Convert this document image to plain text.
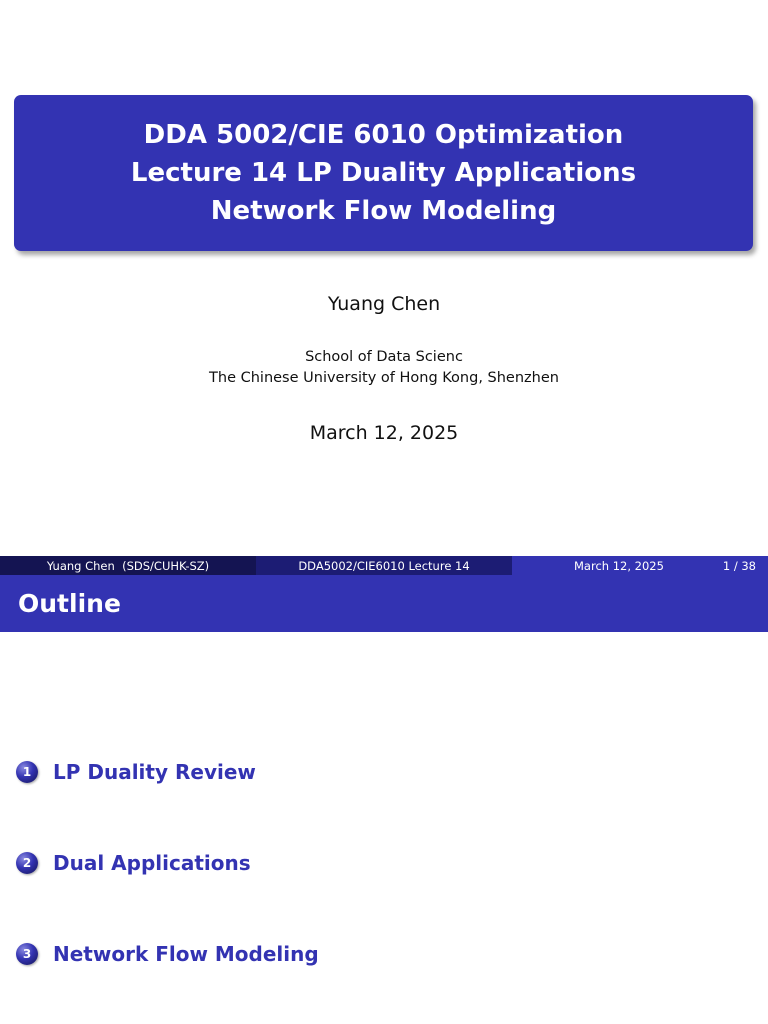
DDA 5002/CIE 6010 Optimization
Lecture 14 LP Duality Applications
Network Flow Modeling
Yuang Chen
School of Data Scienc
The Chinese University of Hong Kong, Shenzhen
March 12, 2025
Yuang Chen  (SDS/CUHK-SZ)	DDA5002/CIE6010 Lecture 14	March 12, 2025	1 / 38
Outline
1	LP Duality Review
2	Dual Applications
3	Network Flow Modeling
